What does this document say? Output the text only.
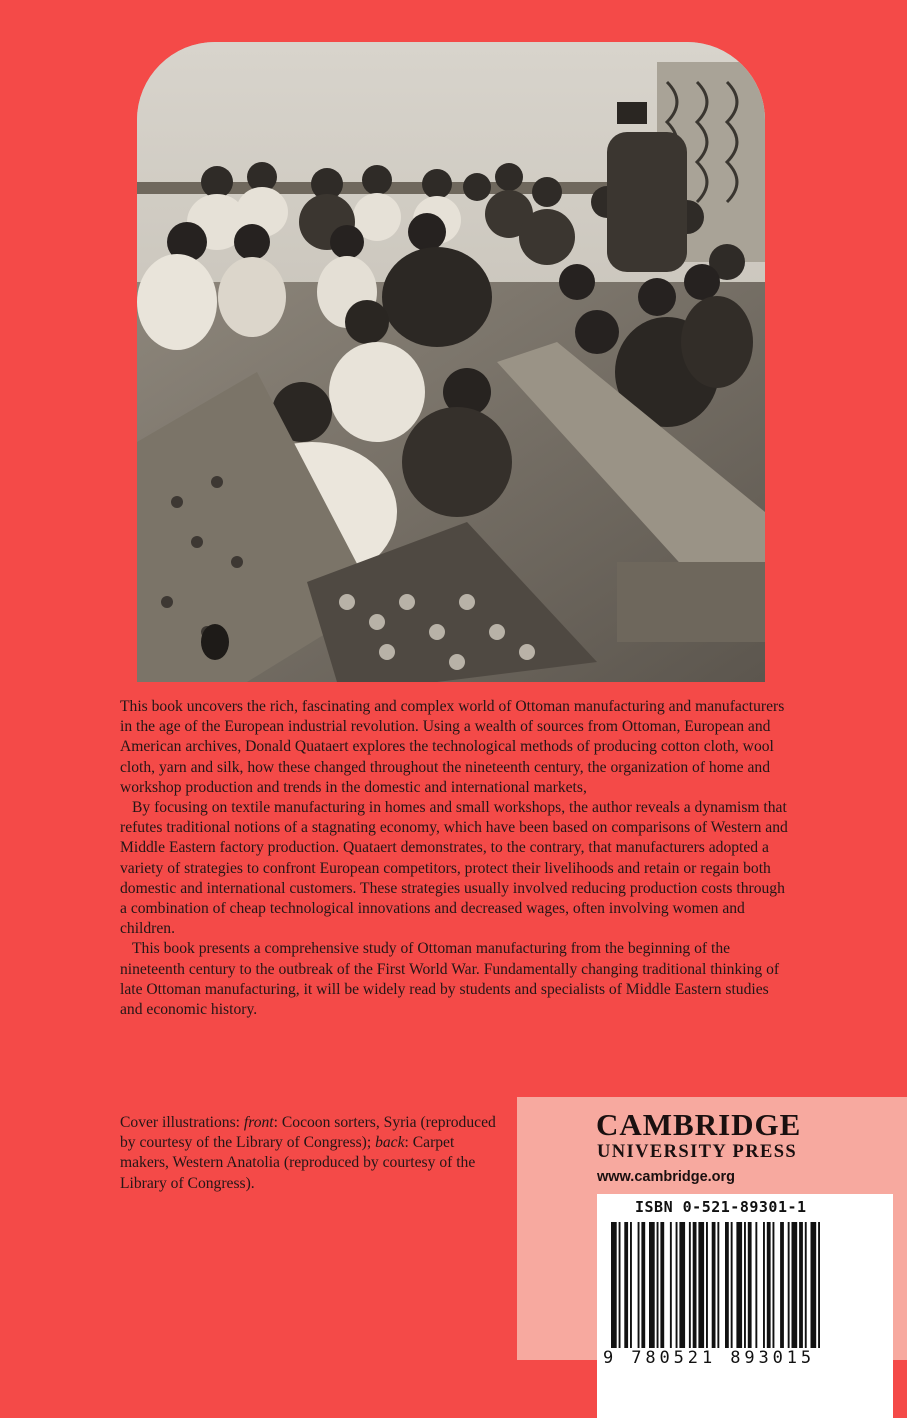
This book uncovers the rich, fascinating and complex world of Ottoman manufacturing and manufacturers in the age of the European industrial revolution. Using a wealth of sources from Ottoman, European and American archives, Donald Quataert explores the technological methods of producing cotton cloth, wool cloth, yarn and silk, how these changed throughout the nineteenth century, the organization of home and workshop production and trends in the domestic and international markets,

By focusing on textile manufacturing in homes and small workshops, the author reveals a dynamism that refutes traditional notions of a stagnating economy, which have been based on comparisons of Western and Middle Eastern factory production. Quataert demonstrates, to the contrary, that manufacturers adopted a variety of strategies to confront European competitors, protect their livelihoods and retain or regain both domestic and international customers. These strategies usually involved reducing production costs through a combination of cheap technological innovations and decreased wages, often involving women and children.

This book presents a comprehensive study of Ottoman manufacturing from the beginning of the nineteenth century to the outbreak of the First World War. Fundamentally changing traditional thinking of late Ottoman manufacturing, it will be widely read by students and specialists of Middle Eastern studies and economic history.

Cover illustrations: front: Cocoon sorters, Syria (reproduced by courtesy of the Library of Congress); back: Carpet makers, Western Anatolia (reproduced by courtesy of the Library of Congress).
CAMBRIDGE
UNIVERSITY PRESS
www.cambridge.org
ISBN 0-521-89301-1
9 780521 893015
